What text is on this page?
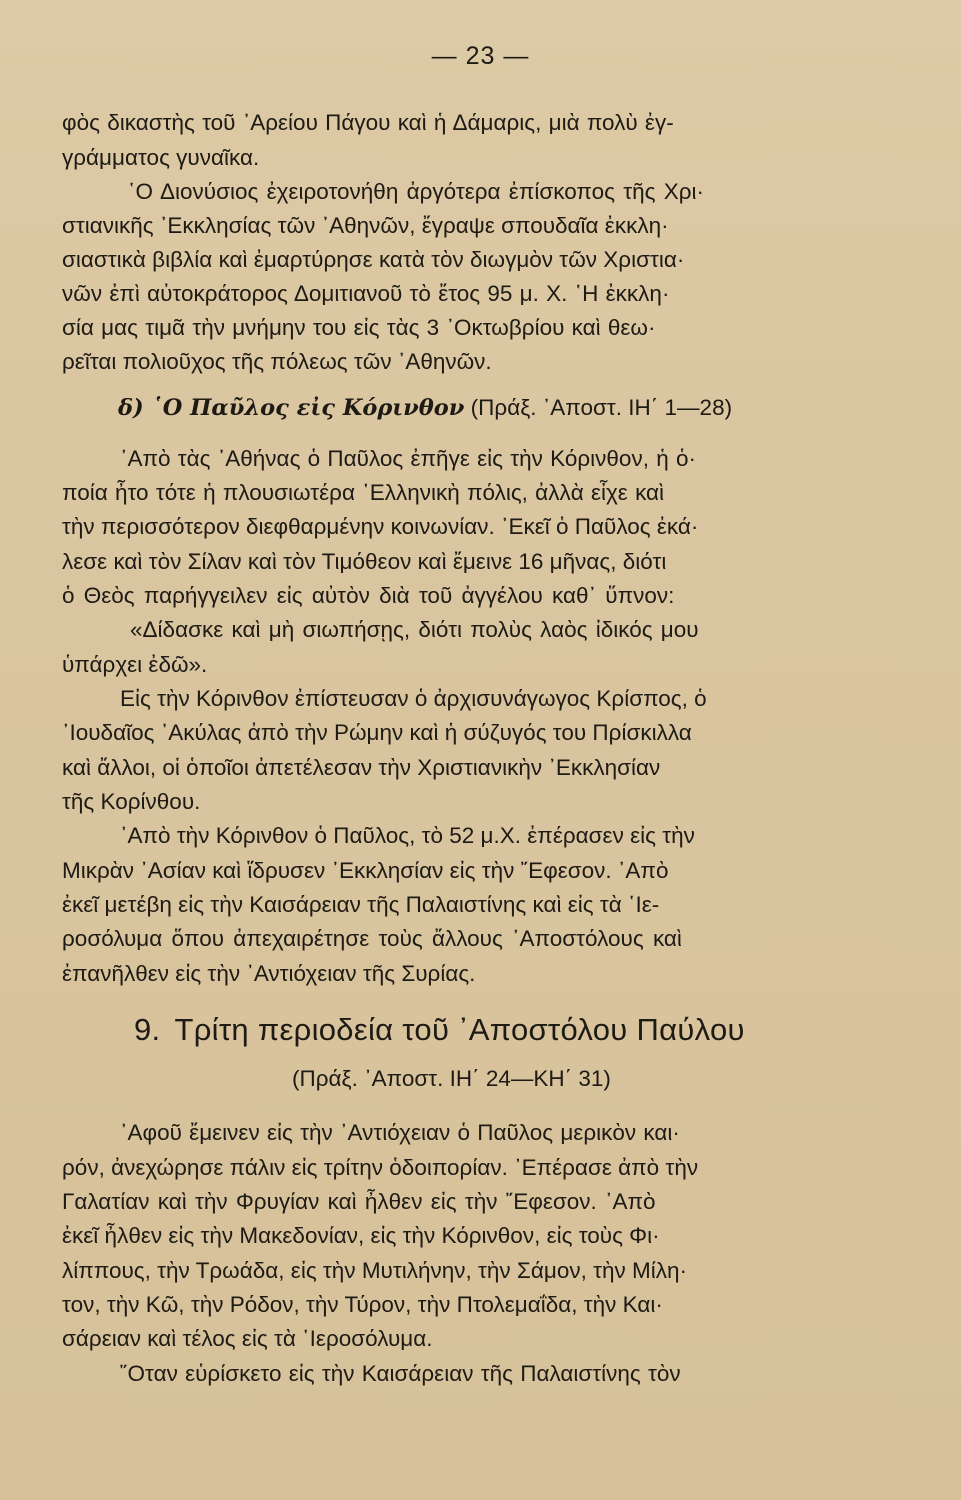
— 23 —
φὸς δικαστὴς τοῦ ᾿Αρείου Πάγου καὶ ἡ Δάμαρις, μιὰ πολὺ ἐγ-
γράμματος γυναῖκα.
῾Ο Διονύσιος ἐχειροτονήθη ἀργότερα ἐπίσκοπος τῆς Χρι·
στιανικῆς ᾿Εκκλησίας τῶν ᾿Αθηνῶν, ἔγραψε σπουδαῖα ἐκκλη·
σιαστικὰ βιβλία καὶ ἐμαρτύρησε κατὰ τὸν διωγμὸν τῶν Χριστια·
νῶν ἐπὶ αὐτοκράτορος Δομιτιανοῦ τὸ ἔτος 95 μ. Χ. ῾Η ἐκκλη·
σία μας τιμᾶ τὴν μνήμην του εἰς τὰς 3 ᾿Οκτωβρίου καὶ θεω·
ρεῖται πολιοῦχος τῆς πόλεως τῶν ᾿Αθηνῶν.
δ) ῾Ο Παῦλος εἰς Κόρινθον (Πράξ. ᾿Αποστ. ΙΗ΄ 1—28)
᾿Απὸ τὰς ᾿Αθήνας ὁ Παῦλος ἐπῆγε εἰς τὴν Κόρινθον, ἡ ὁ·
ποία ἦτο τότε ἡ πλουσιωτέρα ῾Ελληνικὴ πόλις, ἀλλὰ εἶχε καὶ
τὴν περισσότερον διεφθαρμένην κοινωνίαν. ᾿Εκεῖ ὁ Παῦλος ἐκά·
λεσε καὶ τὸν Σίλαν καὶ τὸν Τιμόθεον καὶ ἔμεινε 16 μῆνας, διότι
ὁ Θεὸς παρήγγειλεν εἰς αὐτὸν διὰ τοῦ ἀγγέλου καθ᾿ ὕπνον:
«Δίδασκε καὶ μὴ σιωπήσῃς, διότι πολὺς λαὸς ἰδικός μου
ὑπάρχει ἐδῶ».
Εἰς τὴν Κόρινθον ἐπίστευσαν ὁ ἀρχισυνάγωγος Κρίσπος, ὁ
᾿Ιουδαῖος ᾿Ακύλας ἀπὸ τὴν Ρώμην καὶ ἡ σύζυγός του Πρίσκιλλα
καὶ ἄλλοι, οἱ ὁποῖοι ἀπετέλεσαν τὴν Χριστιανικὴν ᾿Εκκλησίαν
τῆς Κορίνθου.
᾿Απὸ τὴν Κόρινθον ὁ Παῦλος, τὸ 52 μ.Χ. ἐπέρασεν εἰς τὴν
Μικρὰν ᾿Ασίαν καὶ ἵδρυσεν ᾿Εκκλησίαν εἰς τὴν ῎Εφεσον. ᾿Απὸ
ἐκεῖ μετέβη εἰς τὴν Καισάρειαν τῆς Παλαιστίνης καὶ εἰς τὰ ῾Ιε-
ροσόλυμα ὅπου ἀπεχαιρέτησε τοὺς ἄλλους ᾿Αποστόλους καὶ
ἐπανῆλθεν εἰς τὴν ᾿Αντιόχειαν τῆς Συρίας.
9. Τρίτη περιοδεία τοῦ ᾿Αποστόλου Παύλου
(Πράξ. ᾿Αποστ. ΙΗ΄ 24—ΚΗ΄ 31)
᾿Αφοῦ ἔμεινεν εἰς τὴν ᾿Αντιόχειαν ὁ Παῦλος μερικὸν και·
ρόν, ἀνεχώρησε πάλιν εἰς τρίτην ὁδοιπορίαν. ᾿Επέρασε ἀπὸ τὴν
Γαλατίαν καὶ τὴν Φρυγίαν καὶ ἦλθεν εἰς τὴν ῎Εφεσον. ᾿Απὸ
ἐκεῖ ἦλθεν εἰς τὴν Μακεδονίαν, εἰς τὴν Κόρινθον, εἰς τοὺς Φι·
λίππους, τὴν Τρωάδα, εἰς τὴν Μυτιλήνην, τὴν Σάμον, τὴν Μίλη·
τον, τὴν Κῶ, τὴν Ρόδον, τὴν Τύρον, τὴν Πτολεμαΐδα, τὴν Και·
σάρειαν καὶ τέλος εἰς τὰ ῾Ιεροσόλυμα.
῞Οταν εὑρίσκετο εἰς τὴν Καισάρειαν τῆς Παλαιστίνης τὸν
